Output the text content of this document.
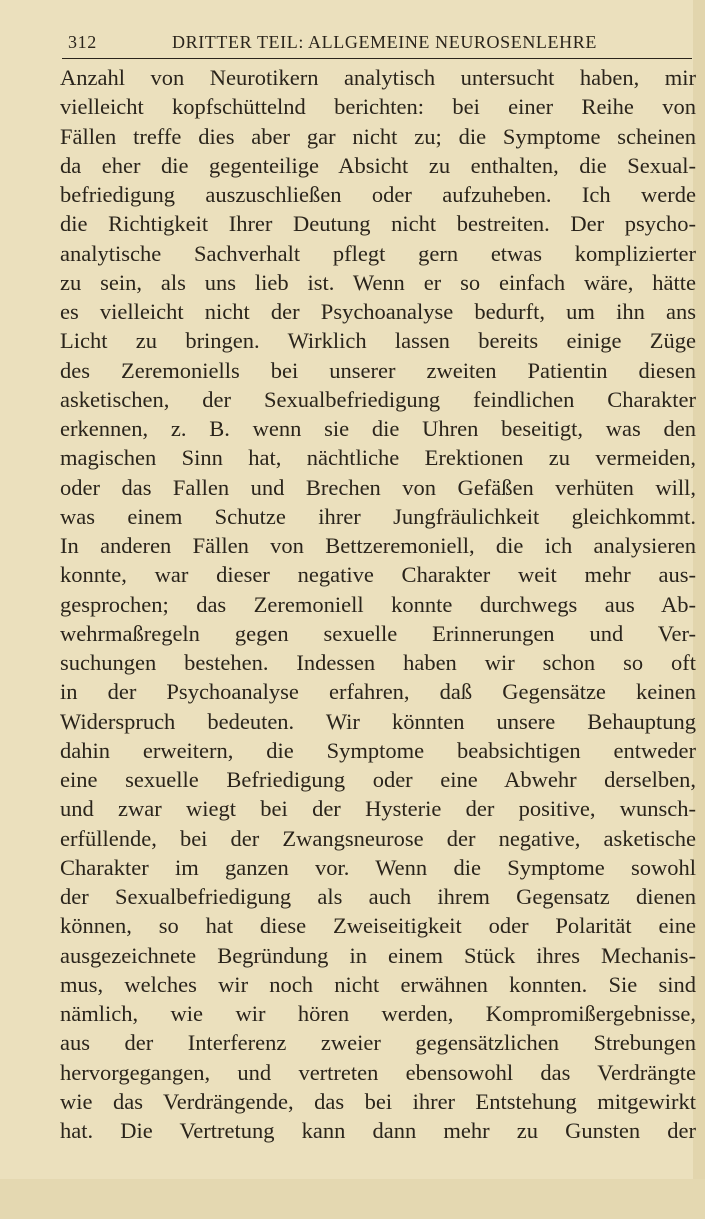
312	DRITTER TEIL: ALLGEMEINE NEUROSENLEHRE
Anzahl von Neurotikern analytisch untersucht haben, mir
vielleicht kopfschüttelnd berichten: bei einer Reihe von
Fällen treffe dies aber gar nicht zu; die Symptome scheinen
da eher die gegenteilige Absicht zu enthalten, die Sexual-
befriedigung auszuschließen oder aufzuheben. Ich werde
die Richtigkeit Ihrer Deutung nicht bestreiten. Der psycho-
analytische Sachverhalt pflegt gern etwas komplizierter
zu sein, als uns lieb ist. Wenn er so einfach wäre, hätte
es vielleicht nicht der Psychoanalyse bedurft, um ihn ans
Licht zu bringen. Wirklich lassen bereits einige Züge
des Zeremoniells bei unserer zweiten Patientin diesen
asketischen, der Sexualbefriedigung feindlichen Charakter
erkennen, z. B. wenn sie die Uhren beseitigt, was den
magischen Sinn hat, nächtliche Erektionen zu vermeiden,
oder das Fallen und Brechen von Gefäßen verhüten will,
was einem Schutze ihrer Jungfräulichkeit gleichkommt.
In anderen Fällen von Bettzeremoniell, die ich analysieren
konnte, war dieser negative Charakter weit mehr aus-
gesprochen; das Zeremoniell konnte durchwegs aus Ab-
wehrmaßregeln gegen sexuelle Erinnerungen und Ver-
suchungen bestehen. Indessen haben wir schon so oft
in der Psychoanalyse erfahren, daß Gegensätze keinen
Widerspruch bedeuten. Wir könnten unsere Behauptung
dahin erweitern, die Symptome beabsichtigen entweder
eine sexuelle Befriedigung oder eine Abwehr derselben,
und zwar wiegt bei der Hysterie der positive, wunsch-
erfüllende, bei der Zwangsneurose der negative, asketische
Charakter im ganzen vor. Wenn die Symptome sowohl
der Sexualbefriedigung als auch ihrem Gegensatz dienen
können, so hat diese Zweiseitigkeit oder Polarität eine
ausgezeichnete Begründung in einem Stück ihres Mechanis-
mus, welches wir noch nicht erwähnen konnten. Sie sind
nämlich, wie wir hören werden, Kompromißergebnisse,
aus der Interferenz zweier gegensätzlichen Strebungen
hervorgegangen, und vertreten ebensowohl das Verdrängte
wie das Verdrängende, das bei ihrer Entstehung mitgewirkt
hat. Die Vertretung kann dann mehr zu Gunsten der
